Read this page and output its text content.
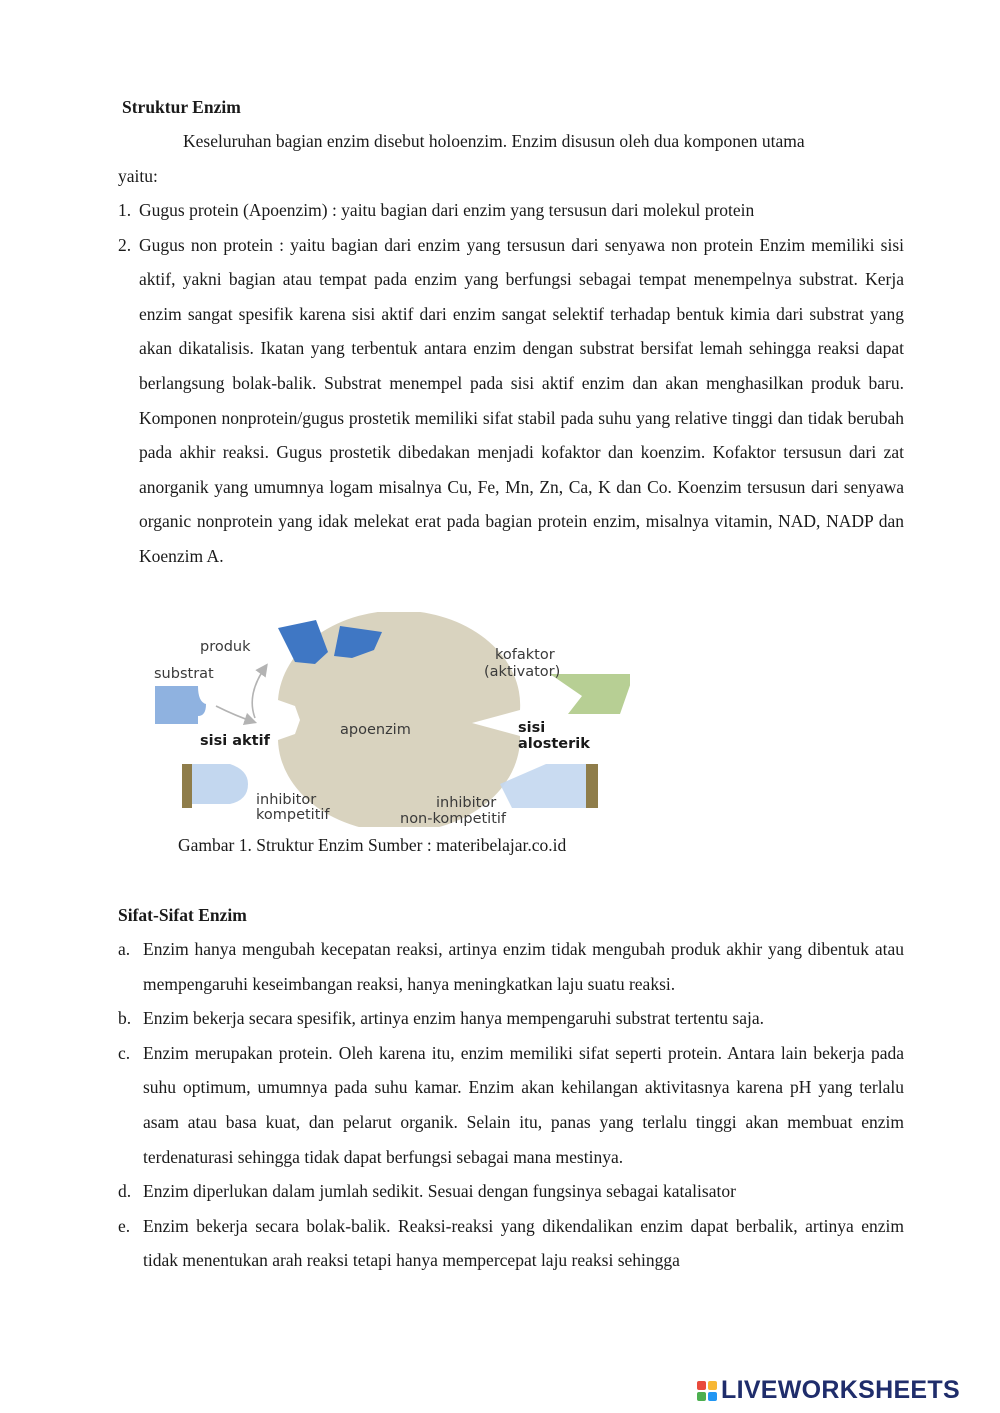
Struktur Enzim

Keseluruhan bagian enzim disebut holoenzim. Enzim disusun oleh dua komponen utama

yaitu:

1. Gugus protein (Apoenzim) : yaitu bagian dari enzim yang tersusun dari molekul protein
2. Gugus non protein : yaitu bagian dari enzim yang tersusun dari senyawa non protein Enzim memiliki sisi aktif, yakni bagian atau tempat pada enzim yang berfungsi sebagai tempat menempelnya substrat. Kerja enzim sangat spesifik karena sisi aktif dari enzim sangat selektif terhadap bentuk kimia dari substrat yang akan dikatalisis. Ikatan yang terbentuk antara enzim dengan substrat bersifat lemah sehingga reaksi dapat berlangsung bolak-balik. Substrat menempel pada sisi aktif enzim dan akan menghasilkan produk baru. Komponen nonprotein/gugus prostetik memiliki sifat stabil pada suhu yang relative tinggi dan tidak berubah pada akhir reaksi. Gugus prostetik dibedakan menjadi kofaktor dan koenzim. Kofaktor tersusun dari zat anorganik yang umumnya logam misalnya Cu, Fe, Mn, Zn, Ca, K dan Co. Koenzim tersusun dari senyawa organic nonprotein yang idak melekat erat pada bagian protein enzim, misalnya vitamin, NAD, NADP dan Koenzim A.
produk
substrat
sisi aktif
apoenzim
kofaktor
(aktivator)
sisi
alosterik
inhibitor
kompetitif
inhibitor
non-kompetitif

Gambar 1. Struktur Enzim Sumber : materibelajar.co.id

Sifat-Sifat Enzim

a. Enzim hanya mengubah kecepatan reaksi, artinya enzim tidak mengubah produk akhir yang dibentuk atau mempengaruhi keseimbangan reaksi, hanya meningkatkan laju suatu reaksi.
b. Enzim bekerja secara spesifik, artinya enzim hanya mempengaruhi substrat tertentu saja.
c. Enzim merupakan protein. Oleh karena itu, enzim memiliki sifat seperti protein. Antara lain bekerja pada suhu optimum, umumnya pada suhu kamar. Enzim akan kehilangan aktivitasnya karena pH yang terlalu asam atau basa kuat, dan pelarut organik. Selain itu, panas yang terlalu tinggi akan membuat enzim terdenaturasi sehingga tidak dapat berfungsi sebagai mana mestinya.
d. Enzim diperlukan dalam jumlah sedikit. Sesuai dengan fungsinya sebagai katalisator
e. Enzim bekerja secara bolak-balik. Reaksi-reaksi yang dikendalikan enzim dapat berbalik, artinya enzim tidak menentukan arah reaksi tetapi hanya mempercepat laju reaksi sehingga
LIVEWORKSHEETS
